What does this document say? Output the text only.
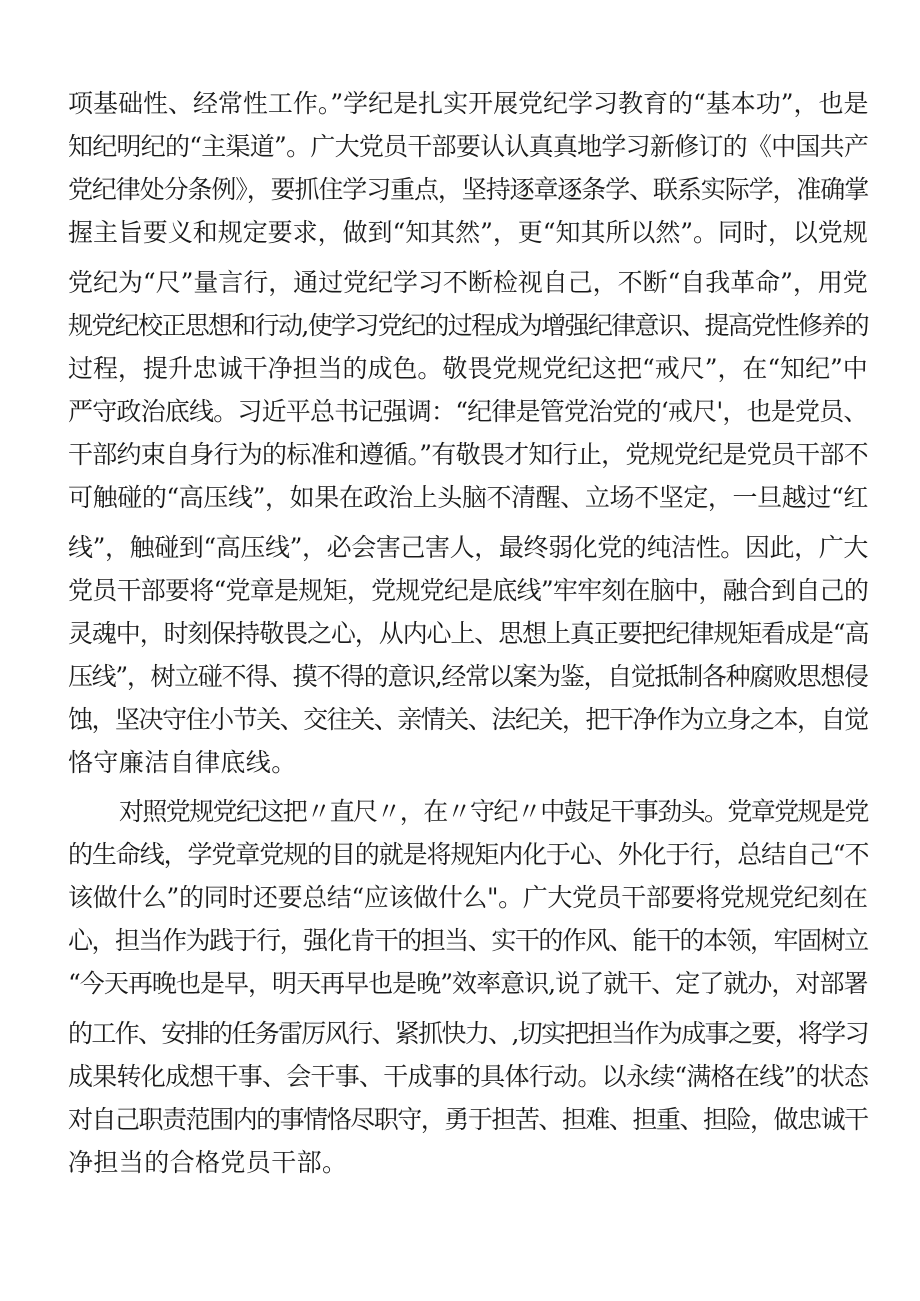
项基础性、经常性工作。”学纪是扎实开展党纪学习教育的“基本功”，也是
知纪明纪的“主渠道”。广大党员干部要认认真真地学习新修订的《中国共产
党纪律处分条例》，要抓住学习重点，坚持逐章逐条学、联系实际学，准确掌
握主旨要义和规定要求，做到“知其然”，更“知其所以然”。同时，以党规
党纪为“尺”量言行，通过党纪学习不断检视自己，不断“自我革命”，用党
规党纪校正思想和行动,使学习党纪的过程成为增强纪律意识、提高党性修养的
过程，提升忠诚干净担当的成色。敬畏党规党纪这把“戒尺”，在“知纪”中
严守政治底线。习近平总书记强调：“纪律是管党治党的‘戒尺'，也是党员、
干部约束自身行为的标准和遵循。”有敬畏才知行止，党规党纪是党员干部不
可触碰的“高压线”，如果在政治上头脑不清醒、立场不坚定，一旦越过“红
线”，触碰到“高压线”，必会害己害人，最终弱化党的纯洁性。因此，广大
党员干部要将“党章是规矩，党规党纪是底线”牢牢刻在脑中，融合到自己的
灵魂中，时刻保持敬畏之心，从内心上、思想上真正要把纪律规矩看成是“高
压线”，树立碰不得、摸不得的意识,经常以案为鉴，自觉抵制各种腐败思想侵
蚀，坚决守住小节关、交往关、亲情关、法纪关，把干净作为立身之本，自觉
恪守廉洁自律底线。
对照党规党纪这把〃直尺〃，在〃守纪〃中鼓足干事劲头。党章党规是党
的生命线，学党章党规的目的就是将规矩内化于心、外化于行，总结自己“不
该做什么”的同时还要总结“应该做什么"。广大党员干部要将党规党纪刻在
心，担当作为践于行，强化肯干的担当、实干的作风、能干的本领，牢固树立
“今天再晚也是早，明天再早也是晚”效率意识,说了就干、定了就办，对部署
的工作、安排的任务雷厉风行、紧抓快力、,切实把担当作为成事之要，将学习
成果转化成想干事、会干事、干成事的具体行动。以永续“满格在线”的状态
对自己职责范围内的事情恪尽职守，勇于担苦、担难、担重、担险，做忠诚干
净担当的合格党员干部。
